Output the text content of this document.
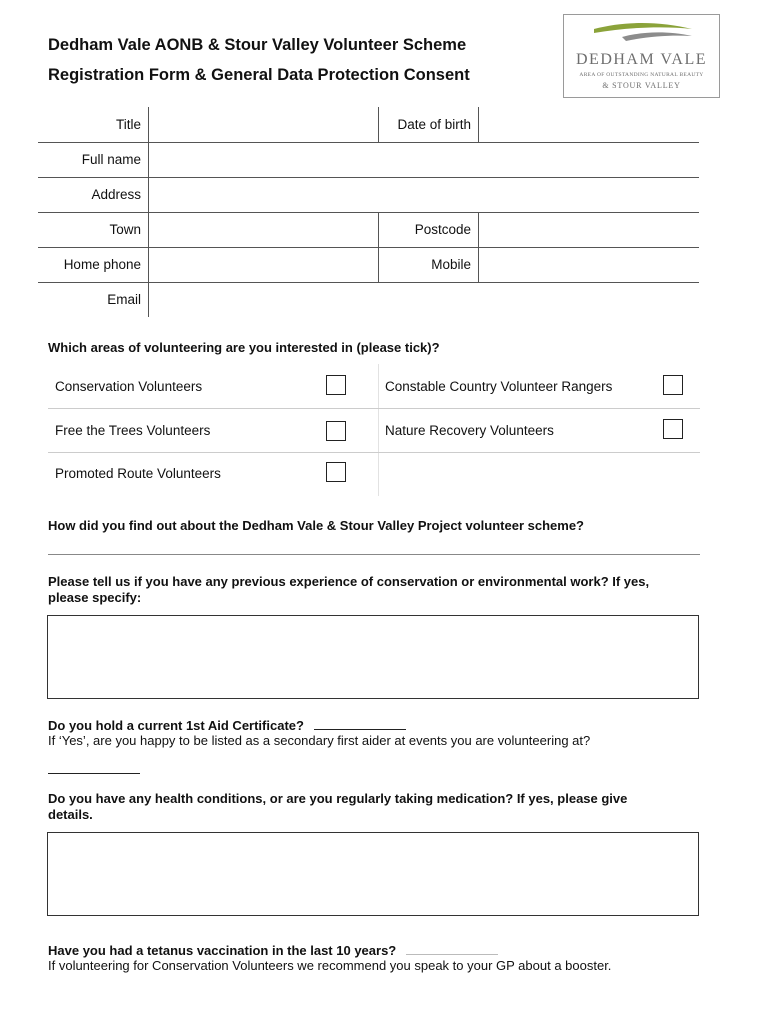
Dedham Vale AONB & Stour Valley Volunteer Scheme
Registration Form & General Data Protection Consent
DEDHAM VALE
AREA OF OUTSTANDING NATURAL BEAUTY
& STOUR VALLEY
Title	Date of birth
Full name
Address
Town	Postcode
Home phone	Mobile
Email
Which areas of volunteering are you interested in (please tick)?
Conservation Volunteers	Constable Country Volunteer Rangers
Free the Trees Volunteers	Nature Recovery Volunteers
Promoted Route Volunteers
How did you find out about the Dedham Vale & Stour Valley Project volunteer scheme?
Please tell us if you have any previous experience of conservation or environmental work? If yes,
please specify:
Do you hold a current 1st Aid Certificate?
If ‘Yes’, are you happy to be listed as a secondary first aider at events you are volunteering at?
Do you have any health conditions, or are you regularly taking medication? If yes, please give
details.
Have you had a tetanus vaccination in the last 10 years?
If volunteering for Conservation Volunteers we recommend you speak to your GP about a booster.
